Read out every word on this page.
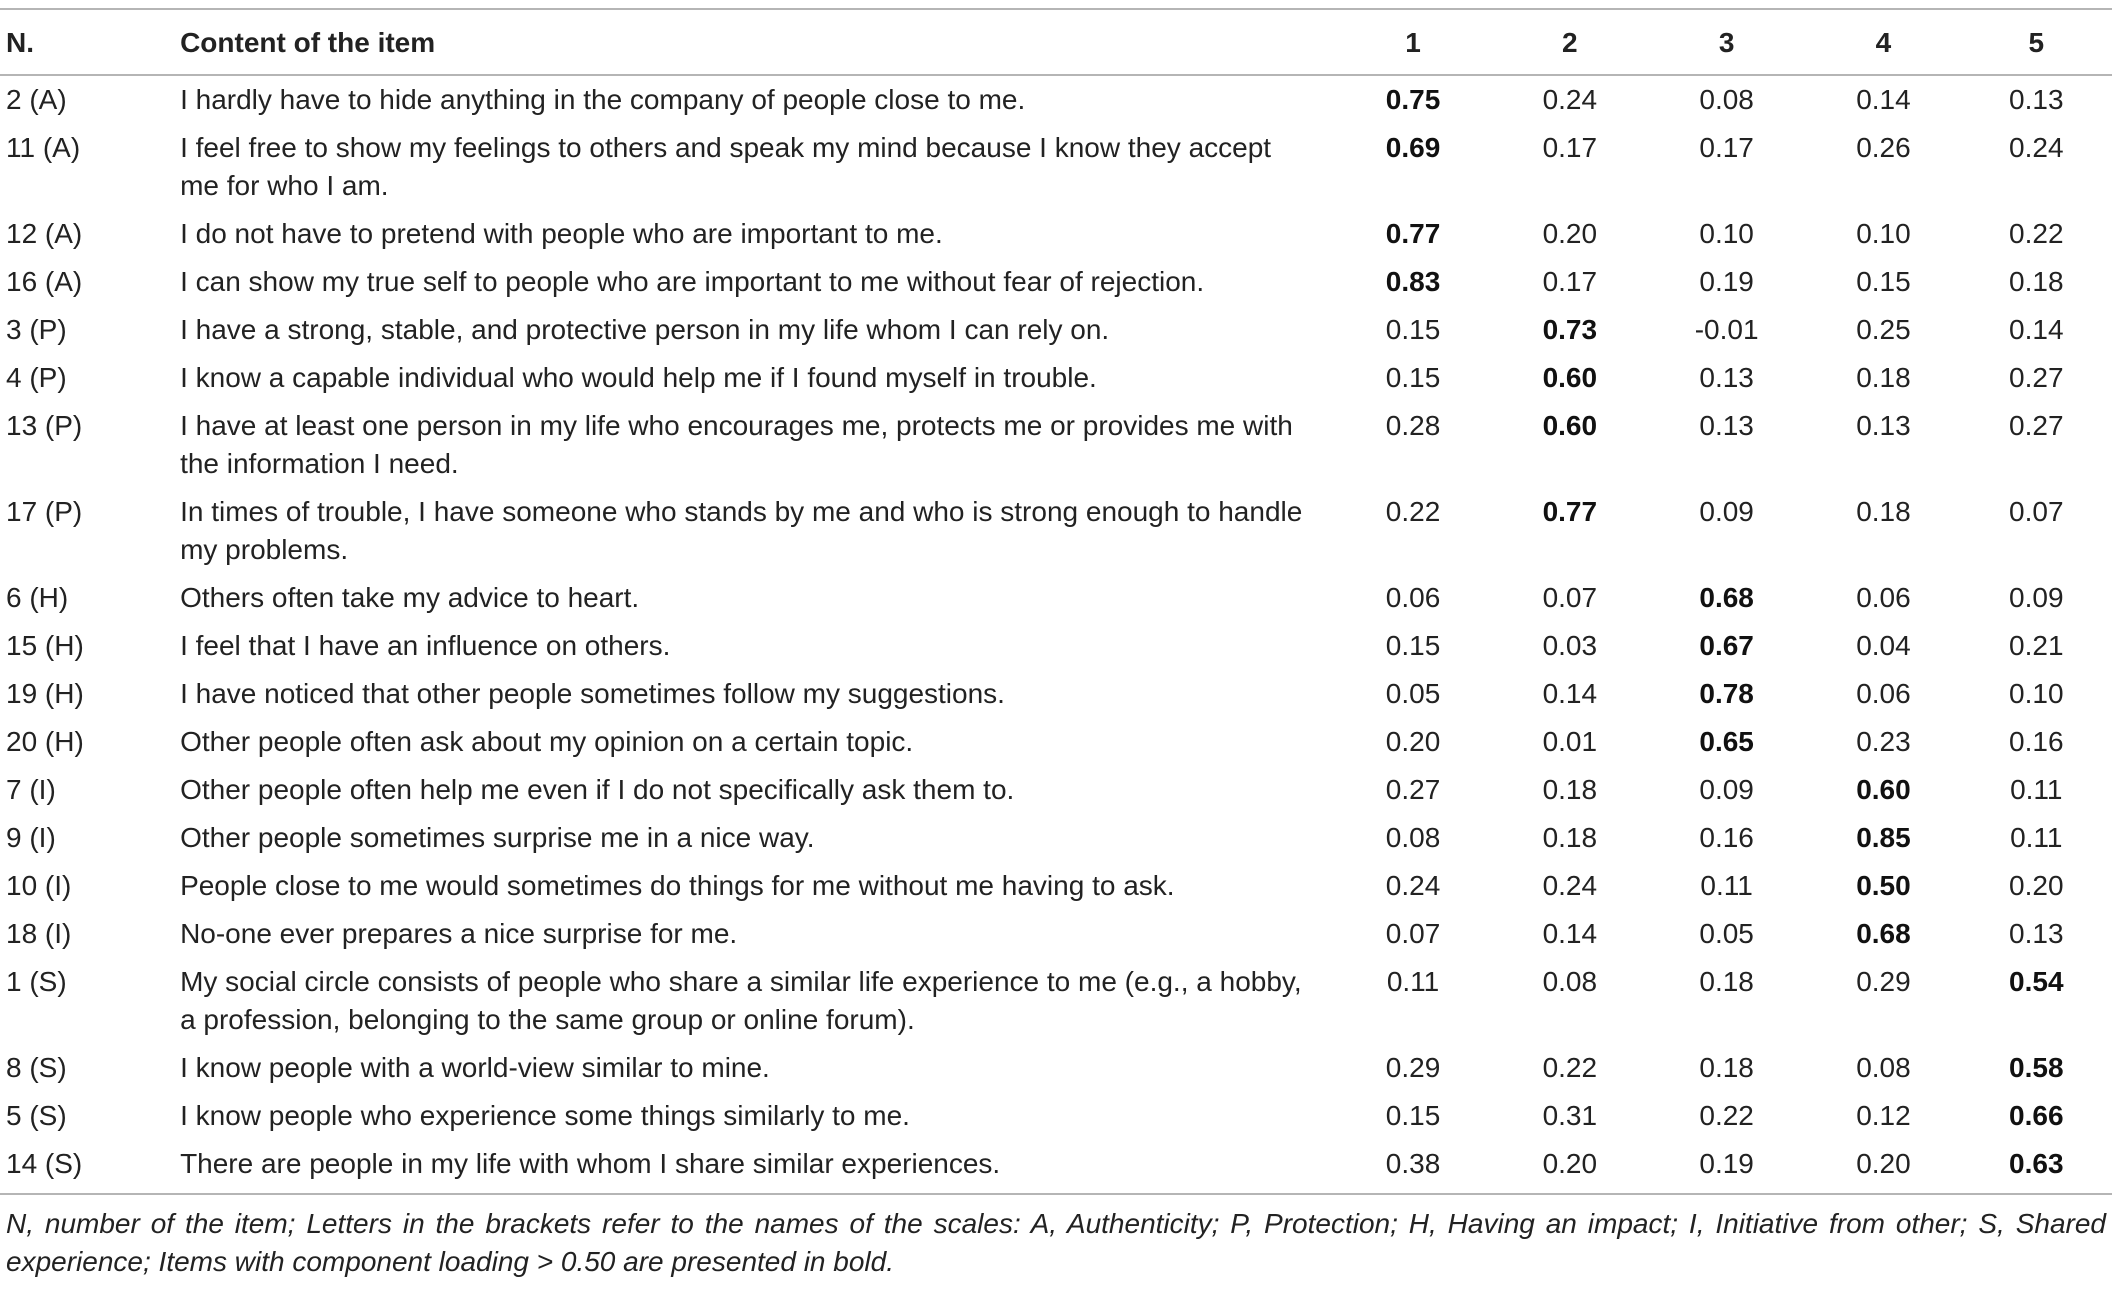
N.	Content of the item	1	2	3	4	5
2 (A)	I hardly have to hide anything in the company of people close to me.	0.75	0.24	0.08	0.14	0.13
11 (A)	I feel free to show my feelings to others and speak my mind because I know they accept me for who I am.	0.69	0.17	0.17	0.26	0.24
12 (A)	I do not have to pretend with people who are important to me.	0.77	0.20	0.10	0.10	0.22
16 (A)	I can show my true self to people who are important to me without fear of rejection.	0.83	0.17	0.19	0.15	0.18
3 (P)	I have a strong, stable, and protective person in my life whom I can rely on.	0.15	0.73	-0.01	0.25	0.14
4 (P)	I know a capable individual who would help me if I found myself in trouble.	0.15	0.60	0.13	0.18	0.27
13 (P)	I have at least one person in my life who encourages me, protects me or provides me with the information I need.	0.28	0.60	0.13	0.13	0.27
17 (P)	In times of trouble, I have someone who stands by me and who is strong enough to handle my problems.	0.22	0.77	0.09	0.18	0.07
6 (H)	Others often take my advice to heart.	0.06	0.07	0.68	0.06	0.09
15 (H)	I feel that I have an influence on others.	0.15	0.03	0.67	0.04	0.21
19 (H)	I have noticed that other people sometimes follow my suggestions.	0.05	0.14	0.78	0.06	0.10
20 (H)	Other people often ask about my opinion on a certain topic.	0.20	0.01	0.65	0.23	0.16
7 (I)	Other people often help me even if I do not specifically ask them to.	0.27	0.18	0.09	0.60	0.11
9 (I)	Other people sometimes surprise me in a nice way.	0.08	0.18	0.16	0.85	0.11
10 (I)	People close to me would sometimes do things for me without me having to ask.	0.24	0.24	0.11	0.50	0.20
18 (I)	No-one ever prepares a nice surprise for me.	0.07	0.14	0.05	0.68	0.13
1 (S)	My social circle consists of people who share a similar life experience to me (e.g., a hobby, a profession, belonging to the same group or online forum).	0.11	0.08	0.18	0.29	0.54
8 (S)	I know people with a world-view similar to mine.	0.29	0.22	0.18	0.08	0.58
5 (S)	I know people who experience some things similarly to me.	0.15	0.31	0.22	0.12	0.66
14 (S)	There are people in my life with whom I share similar experiences.	0.38	0.20	0.19	0.20	0.63
N, number of the item; Letters in the brackets refer to the names of the scales: A, Authenticity; P, Protection; H, Having an impact; I, Initiative from other; S, Shared experience; Items with component loading > 0.50 are presented in bold.
